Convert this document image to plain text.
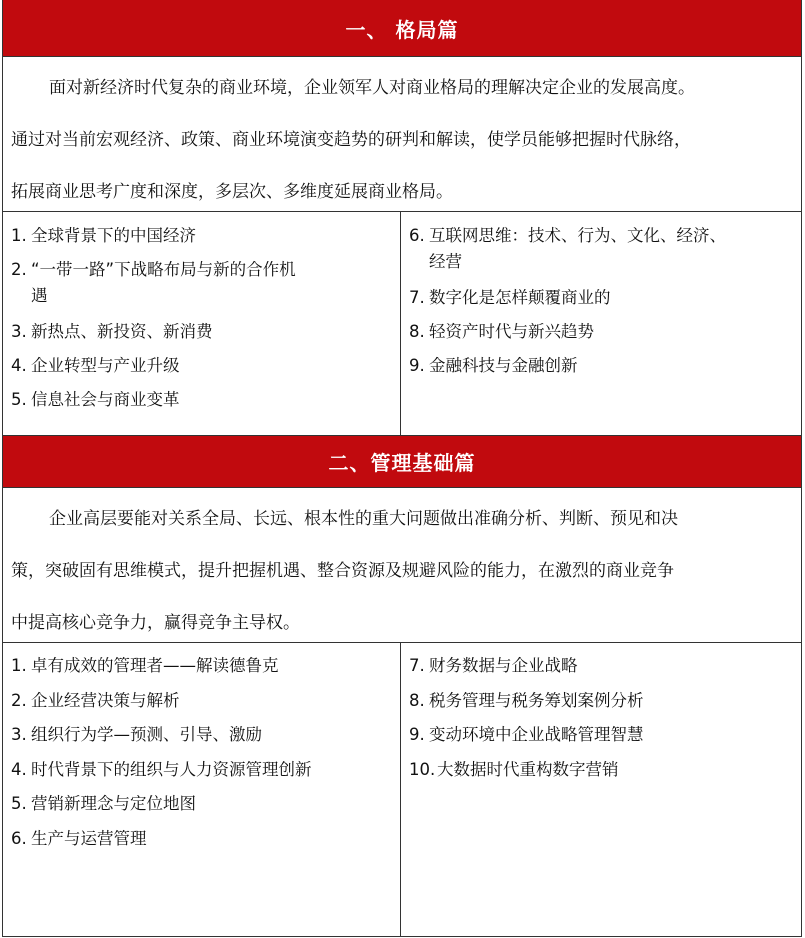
一、 格局篇
面对新经济时代复杂的商业环境，企业领军人对商业格局的理解决定企业的发展高度。
通过对当前宏观经济、政策、商业环境演变趋势的研判和解读，使学员能够把握时代脉络，
拓展商业思考广度和深度，多层次、多维度延展商业格局。
1. 全球背景下的中国经济
2. “一带一路”下战略布局与新的合作机
遇
3. 新热点、新投资、新消费
4. 企业转型与产业升级
5. 信息社会与商业变革
6. 互联网思维：技术、行为、文化、经济、
经营
7. 数字化是怎样颠覆商业的
8. 轻资产时代与新兴趋势
9. 金融科技与金融创新
二、管理基础篇
企业高层要能对关系全局、长远、根本性的重大问题做出准确分析、判断、预见和决
策，突破固有思维模式，提升把握机遇、整合资源及规避风险的能力，在激烈的商业竞争
中提高核心竞争力，赢得竞争主导权。
1. 卓有成效的管理者——解读德鲁克
2. 企业经营决策与解析
3. 组织行为学—预测、引导、激励
4. 时代背景下的组织与人力资源管理创新
5. 营销新理念与定位地图
6. 生产与运营管理
7. 财务数据与企业战略
8. 税务管理与税务筹划案例分析
9. 变动环境中企业战略管理智慧
10. 大数据时代重构数字营销
